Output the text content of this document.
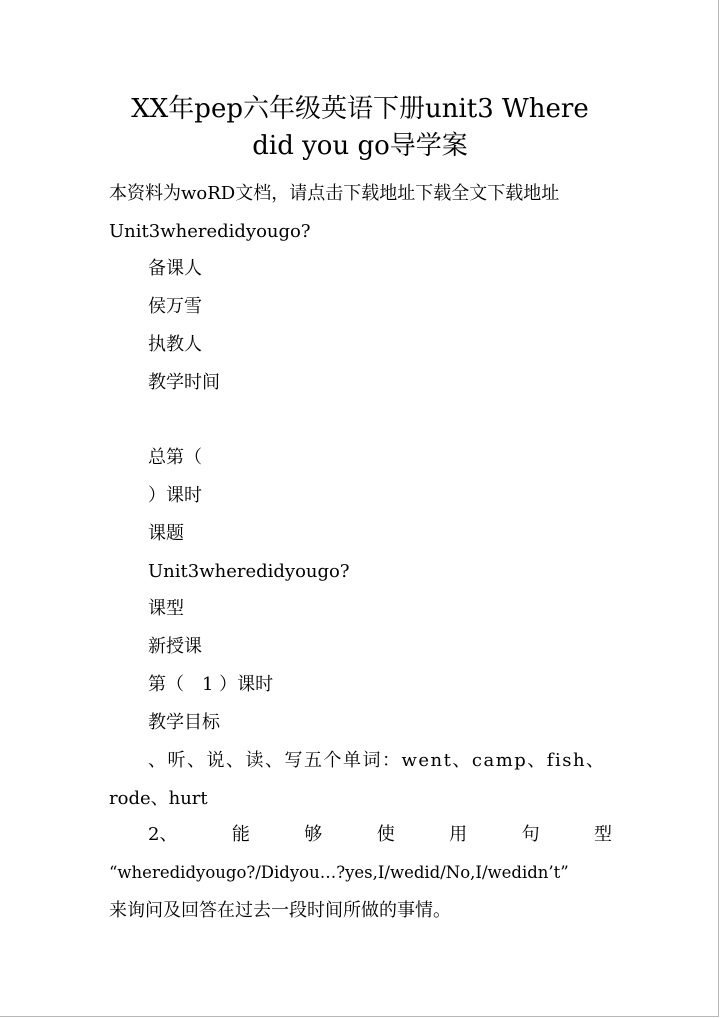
XX年pep六年级英语下册unit3 Where
did you go导学案
本资料为woRD文档，请点击下载地址下载全文下载地址
Unit3wheredidyougo?
备课人
侯万雪
执教人
教学时间
总第（
）课时
课题
Unit3wheredidyougo?
课型
新授课
第（　1 ）课时
教学目标
、听、说、读、写五个单词：went、camp、fish、
rode、hurt
2、	能	够	使	用	句	型
“wheredidyougo?/Didyou…?yes,I/wedid/No,I/wedidn’t”
来询问及回答在过去一段时间所做的事情。
